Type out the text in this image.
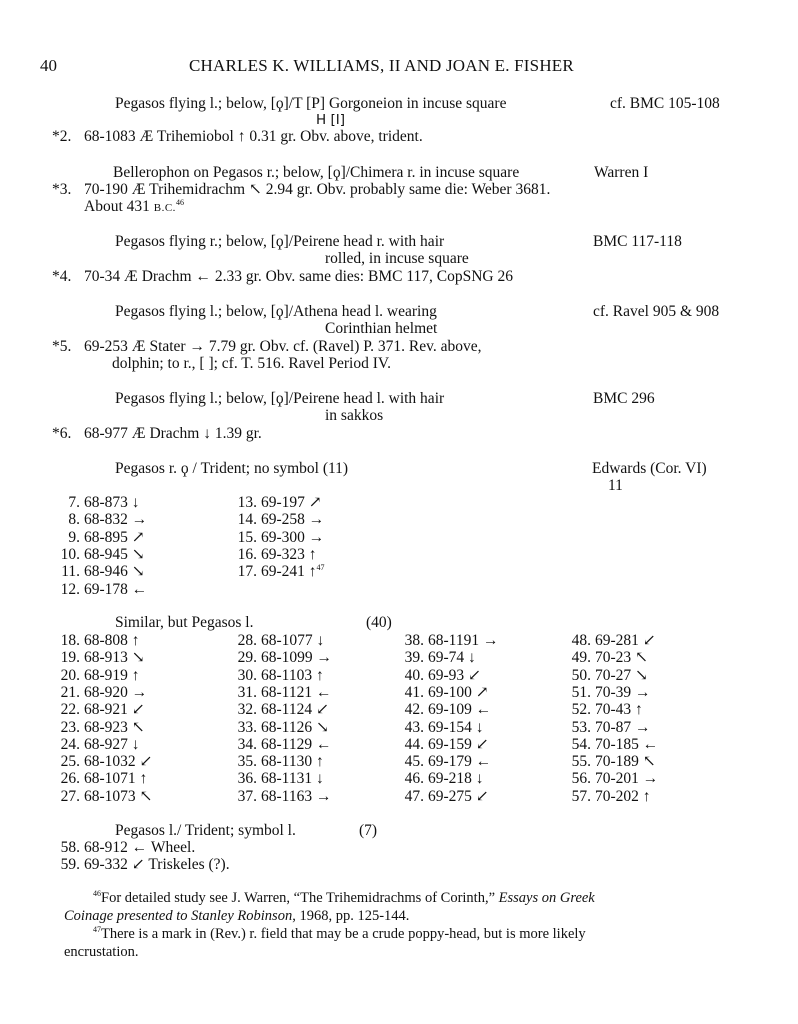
40	CHARLES K. WILLIAMS, II AND JOAN E. FISHER
Pegasos flying l.; below, [ϙ]/T [P] Gorgoneion in incuse square	cf. BMC 105-108
H [I]
*2. 68-1083 Æ Trihemiobol ↑ 0.31 gr. Obv. above, trident.
Bellerophon on Pegasos r.; below, [ϙ]/Chimera r. in incuse square	Warren I
*3. 70-190 Æ Trihemidrachm ↖ 2.94 gr. Obv. probably same die: Weber 3681.
About 431 B.C.$^{46}$
Pegasos flying r.; below, [ϙ]/Peirene head r. with hair	BMC 117-118
rolled, in incuse square
*4. 70-34 Æ Drachm ← 2.33 gr. Obv. same dies: BMC 117, CopSNG 26
Pegasos flying l.; below, [ϙ]/Athena head l. wearing	cf. Ravel 905 & 908
Corinthian helmet
*5. 69-253 Æ Stater → 7.79 gr. Obv. cf. (Ravel) P. 371. Rev. above,
dolphin; to r., [ ]; cf. T. 516. Ravel Period IV.
Pegasos flying l.; below, [ϙ]/Peirene head l. with hair	BMC 296
in sakkos
*6. 68-977 Æ Drachm ↓ 1.39 gr.
Pegasos r. ϙ / Trident; no symbol (11)	Edwards (Cor. VI)
11
7. 68-873 ↓
8. 68-832 →
9. 68-895 ↗
10. 68-945 ↘
11. 68-946 ↘
12. 69-178 ←
13. 69-197 ↗
14. 69-258 →
15. 69-300 →
16. 69-323 ↑
17. 69-241 ↑$^{47}$
Similar, but Pegasos l.	(40)
18. 68-808 ↑
19. 68-913 ↘
20. 68-919 ↑
21. 68-920 →
22. 68-921 ↙
23. 68-923 ↖
24. 68-927 ↓
25. 68-1032 ↙
26. 68-1071 ↑
27. 68-1073 ↖
28. 68-1077 ↓
29. 68-1099 →
30. 68-1103 ↑
31. 68-1121 ←
32. 68-1124 ↙
33. 68-1126 ↘
34. 68-1129 ←
35. 68-1130 ↑
36. 68-1131 ↓
37. 68-1163 →
38. 68-1191 →
39. 69-74 ↓
40. 69-93 ↙
41. 69-100 ↗
42. 69-109 ←
43. 69-154 ↓
44. 69-159 ↙
45. 69-179 ←
46. 69-218 ↓
47. 69-275 ↙
48. 69-281 ↙
49. 70-23 ↖
50. 70-27 ↘
51. 70-39 →
52. 70-43 ↑
53. 70-87 →
54. 70-185 ←
55. 70-189 ↖
56. 70-201 →
57. 70-202 ↑
Pegasos l./ Trident; symbol l.	(7)
58. 68-912 ← Wheel.
59. 69-332 ↙ Triskeles (?).
$^{46}$For detailed study see J. Warren, “The Trihemidrachms of Corinth,” Essays on Greek
Coinage presented to Stanley Robinson, 1968, pp. 125-144.
$^{47}$There is a mark in (Rev.) r. field that may be a crude poppy-head, but is more likely
encrustation.
